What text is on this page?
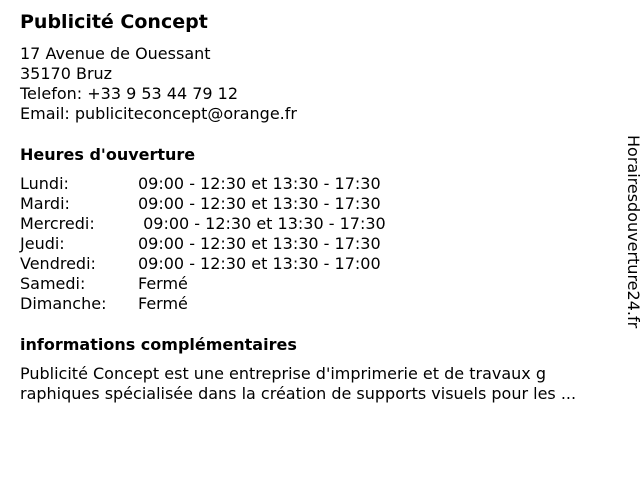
Publicité Concept
17 Avenue de Ouessant
35170 Bruz
Telefon: +33 9 53 44 79 12
Email: publiciteconcept@orange.fr
Heures d'ouverture
Lundi:	09:00 - 12:30 et 13:30 - 17:30
Mardi:	09:00 - 12:30 et 13:30 - 17:30
Mercredi:	09:00 - 12:30 et 13:30 - 17:30
Jeudi:	09:00 - 12:30 et 13:30 - 17:30
Vendredi:	09:00 - 12:30 et 13:30 - 17:00
Samedi:	Fermé
Dimanche: Fermé
informations complémentaires
Publicité Concept est une entreprise d'imprimerie et de travaux g
raphiques spécialisée dans la création de supports visuels pour les ...
Horairesdouverture24.fr
